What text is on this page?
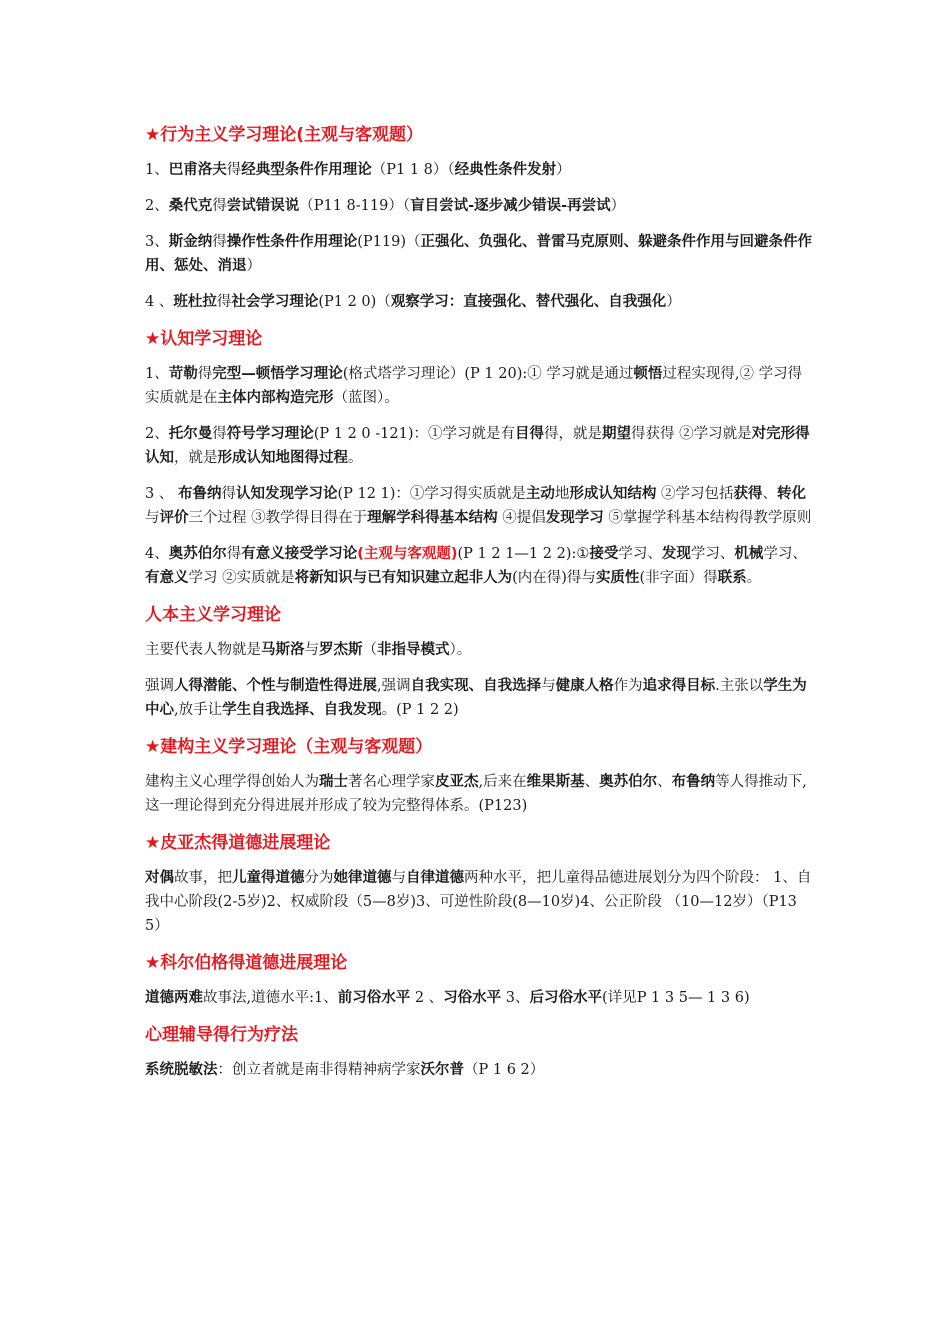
★行为主义学习理论(主观与客观题）
1、巴甫洛夫得经典型条件作用理论（P1 1 8）（经典性条件发射）
2、桑代克得尝试错误说（P11 8-119）（盲目尝试-逐步减少错误-再尝试）
3、斯金纳得操作性条件作用理论(P119)（正强化、负强化、普雷马克原则、躲避条件作用与回避条件作用、惩处、消退）
4 、班杜拉得社会学习理论(P1 2 0)（观察学习：直接强化、替代强化、自我强化）
★认知学习理论
1、苛勒得完型—顿悟学习理论(格式塔学习理论）(P 1 20):① 学习就是通过顿悟过程实现得,② 学习得实质就是在主体内部构造完形（蓝图）。
2、托尔曼得符号学习理论(P 1 2 0 -121)：①学习就是有目得得，就是期望得获得 ②学习就是对完形得认知，就是形成认知地图得过程。
3 、 布鲁纳得认知发现学习论(P 12 1)：①学习得实质就是主动地形成认知结构 ②学习包括获得、转化与评价三个过程 ③教学得目得在于理解学科得基本结构 ④提倡发现学习 ⑤掌握学科基本结构得教学原则
4、奥苏伯尔得有意义接受学习论(主观与客观题)(P 1 2 1—1 2 2):①接受学习、发现学习、机械学习、有意义学习 ②实质就是将新知识与已有知识建立起非人为(内在得)得与实质性(非字面）得联系。
人本主义学习理论
主要代表人物就是马斯洛与罗杰斯（非指导模式）。
强调人得潜能、个性与制造性得进展,强调自我实现、自我选择与健康人格作为追求得目标.主张以学生为中心,放手让学生自我选择、自我发现。(P 1 2 2)
★建构主义学习理论（主观与客观题）
建构主义心理学得创始人为瑞士著名心理学家皮亚杰,后来在维果斯基、奥苏伯尔、布鲁纳等人得推动下,这一理论得到充分得进展并形成了较为完整得体系。(P123)
★皮亚杰得道德进展理论
对偶故事，把儿童得道德分为她律道德与自律道德两种水平，把儿童得品德进展划分为四个阶段： 1、自我中心阶段(2-5岁)2、权威阶段（5—8岁)3、可逆性阶段(8—10岁)4、公正阶段 （10—12岁）（P13 5）
★科尔伯格得道德进展理论
道德两难故事法,道德水平:1、前习俗水平 2 、习俗水平 3、后习俗水平(详见P 1 3 5— 1 3 6)
心理辅导得行为疗法
系统脱敏法：创立者就是南非得精神病学家沃尔普（P 1 6 2）
